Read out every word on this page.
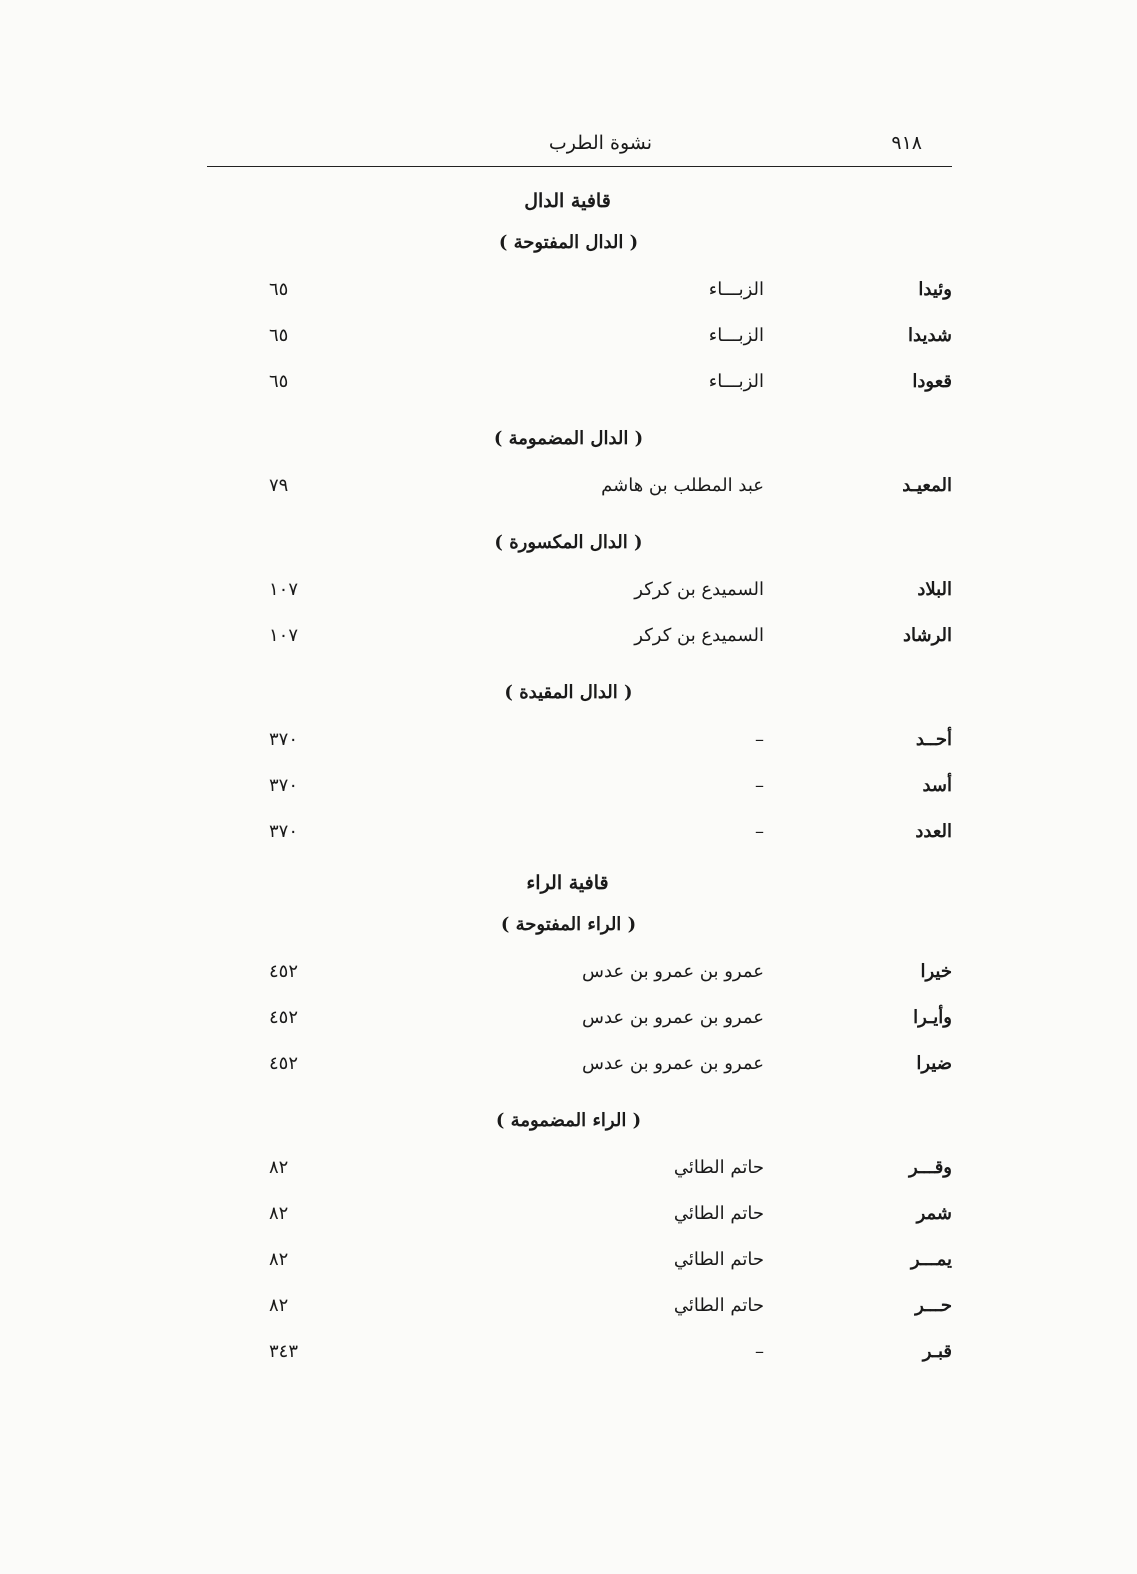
٩١٨
نشوة الطرب
قافية الدال
( الدال المفتوحة )
وئيدا
الزبـــاء
٦٥
شديدا
الزبـــاء
٦٥
قعودا
الزبـــاء
٦٥
( الدال المضمومة )
المعيـد
عبد المطلب بن هاشم
٧٩
( الدال المكسورة )
البلاد
السميدع بن كركر
١٠٧
الرشاد
السميدع بن كركر
١٠٧
( الدال المقيدة )
أحــد
–
٣٧٠
أسد
–
٣٧٠
العدد
–
٣٧٠
قافية الراء
( الراء المفتوحة )
خيرا
عمرو بن عمرو بن عدس
٤٥٢
وأيـرا
عمرو بن عمرو بن عدس
٤٥٢
ضيرا
عمرو بن عمرو بن عدس
٤٥٢
( الراء المضمومة )
وقـــر
حاتم الطائي
٨٢
شمر
حاتم الطائي
٨٢
يمـــر
حاتم الطائي
٨٢
حـــر
حاتم الطائي
٨٢
قبـر
–
٣٤٣
